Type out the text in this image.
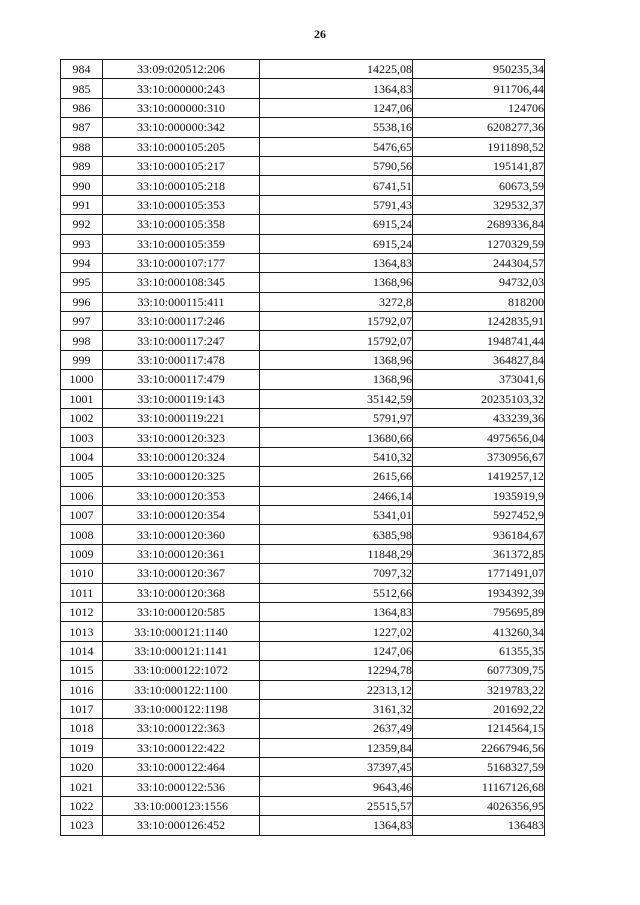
26
984	33:09:020512:206	14225,08	950235,34
985	33:10:000000:243	1364,83	911706,44
986	33:10:000000:310	1247,06	124706
987	33:10:000000:342	5538,16	6208277,36
988	33:10:000105:205	5476,65	1911898,52
989	33:10:000105:217	5790,56	195141,87
990	33:10:000105:218	6741,51	60673,59
991	33:10:000105:353	5791,43	329532,37
992	33:10:000105:358	6915,24	2689336,84
993	33:10:000105:359	6915,24	1270329,59
994	33:10:000107:177	1364,83	244304,57
995	33:10:000108:345	1368,96	94732,03
996	33:10:000115:411	3272,8	818200
997	33:10:000117:246	15792,07	1242835,91
998	33:10:000117:247	15792,07	1948741,44
999	33:10:000117:478	1368,96	364827,84
1000	33:10:000117:479	1368,96	373041,6
1001	33:10:000119:143	35142,59	20235103,32
1002	33:10:000119:221	5791,97	433239,36
1003	33:10:000120:323	13680,66	4975656,04
1004	33:10:000120:324	5410,32	3730956,67
1005	33:10:000120:325	2615,66	1419257,12
1006	33:10:000120:353	2466,14	1935919,9
1007	33:10:000120:354	5341,01	5927452,9
1008	33:10:000120:360	6385,98	936184,67
1009	33:10:000120:361	11848,29	361372,85
1010	33:10:000120:367	7097,32	1771491,07
1011	33:10:000120:368	5512,66	1934392,39
1012	33:10:000120:585	1364,83	795695,89
1013	33:10:000121:1140	1227,02	413260,34
1014	33:10:000121:1141	1247,06	61355,35
1015	33:10:000122:1072	12294,78	6077309,75
1016	33:10:000122:1100	22313,12	3219783,22
1017	33:10:000122:1198	3161,32	201692,22
1018	33:10:000122:363	2637,49	1214564,15
1019	33:10:000122:422	12359,84	22667946,56
1020	33:10:000122:464	37397,45	5168327,59
1021	33:10:000122:536	9643,46	11167126,68
1022	33:10:000123:1556	25515,57	4026356,95
1023	33:10:000126:452	1364,83	136483
